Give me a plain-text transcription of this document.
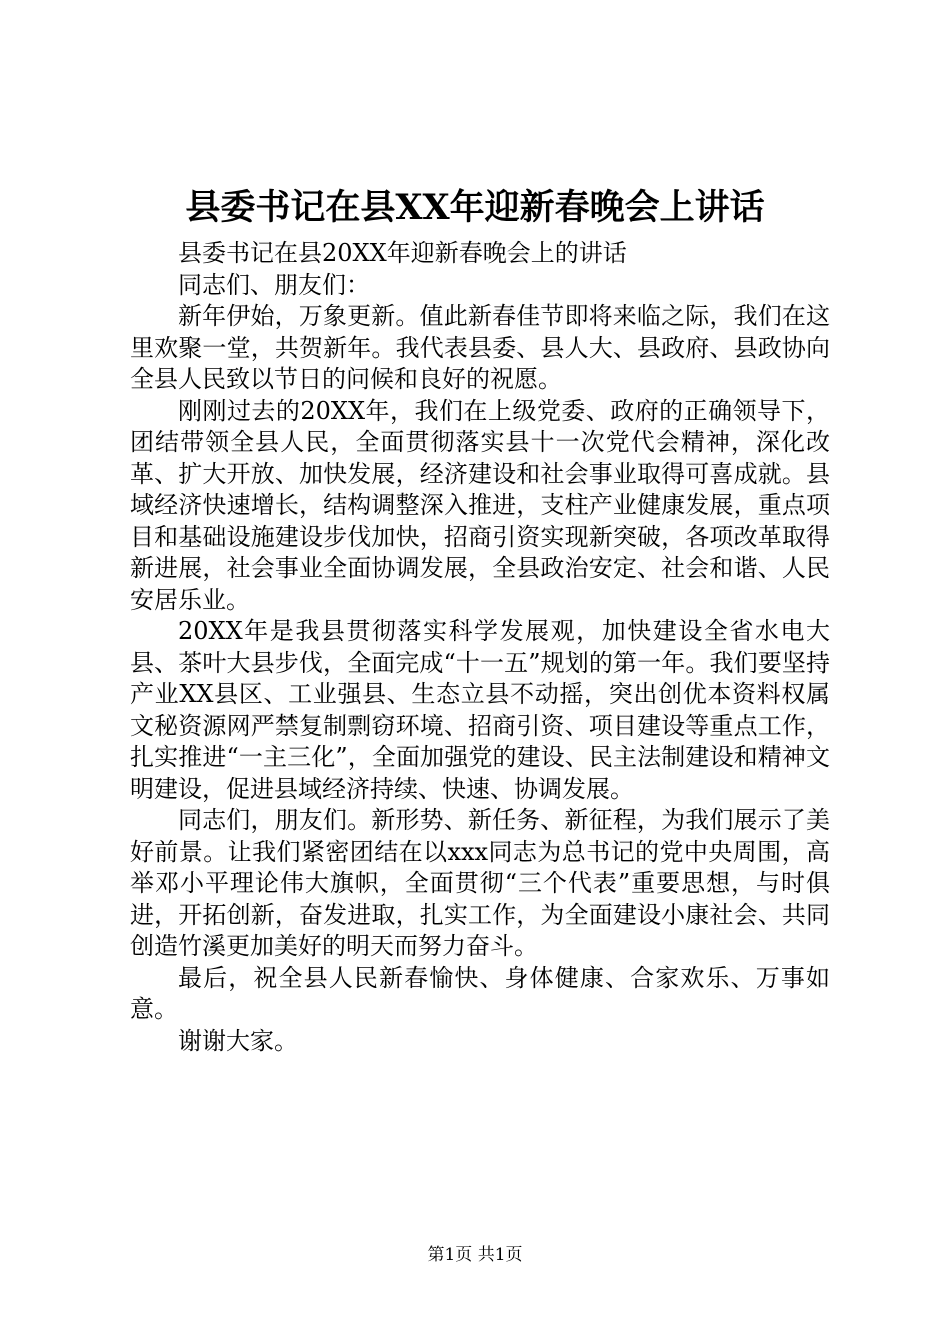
县委书记在县XX年迎新春晚会上讲话

县委书记在县20XX年迎新春晚会上的讲话

同志们、朋友们：

新年伊始，万象更新。值此新春佳节即将来临之际，我们在这里欢聚一堂，共贺新年。我代表县委、县人大、县政府、县政协向全县人民致以节日的问候和良好的祝愿。

刚刚过去的20XX年，我们在上级党委、政府的正确领导下，团结带领全县人民，全面贯彻落实县十一次党代会精神，深化改革、扩大开放、加快发展，经济建设和社会事业取得可喜成就。县域经济快速增长，结构调整深入推进，支柱产业健康发展，重点项目和基础设施建设步伐加快，招商引资实现新突破，各项改革取得新进展，社会事业全面协调发展，全县政治安定、社会和谐、人民安居乐业。

20XX年是我县贯彻落实科学发展观，加快建设全省水电大县、茶叶大县步伐，全面完成“十一五”规划的第一年。我们要坚持产业XX县区、工业强县、生态立县不动摇，突出创优本资料权属文秘资源网严禁复制剽窃环境、招商引资、项目建设等重点工作，扎实推进“一主三化”，全面加强党的建设、民主法制建设和精神文明建设，促进县域经济持续、快速、协调发展。

同志们，朋友们。新形势、新任务、新征程，为我们展示了美好前景。让我们紧密团结在以xxx同志为总书记的党中央周围，高举邓小平理论伟大旗帜，全面贯彻“三个代表”重要思想，与时俱进，开拓创新，奋发进取，扎实工作，为全面建设小康社会、共同创造竹溪更加美好的明天而努力奋斗。

最后，祝全县人民新春愉快、身体健康、合家欢乐、万事如意。

谢谢大家。

第1页 共1页
